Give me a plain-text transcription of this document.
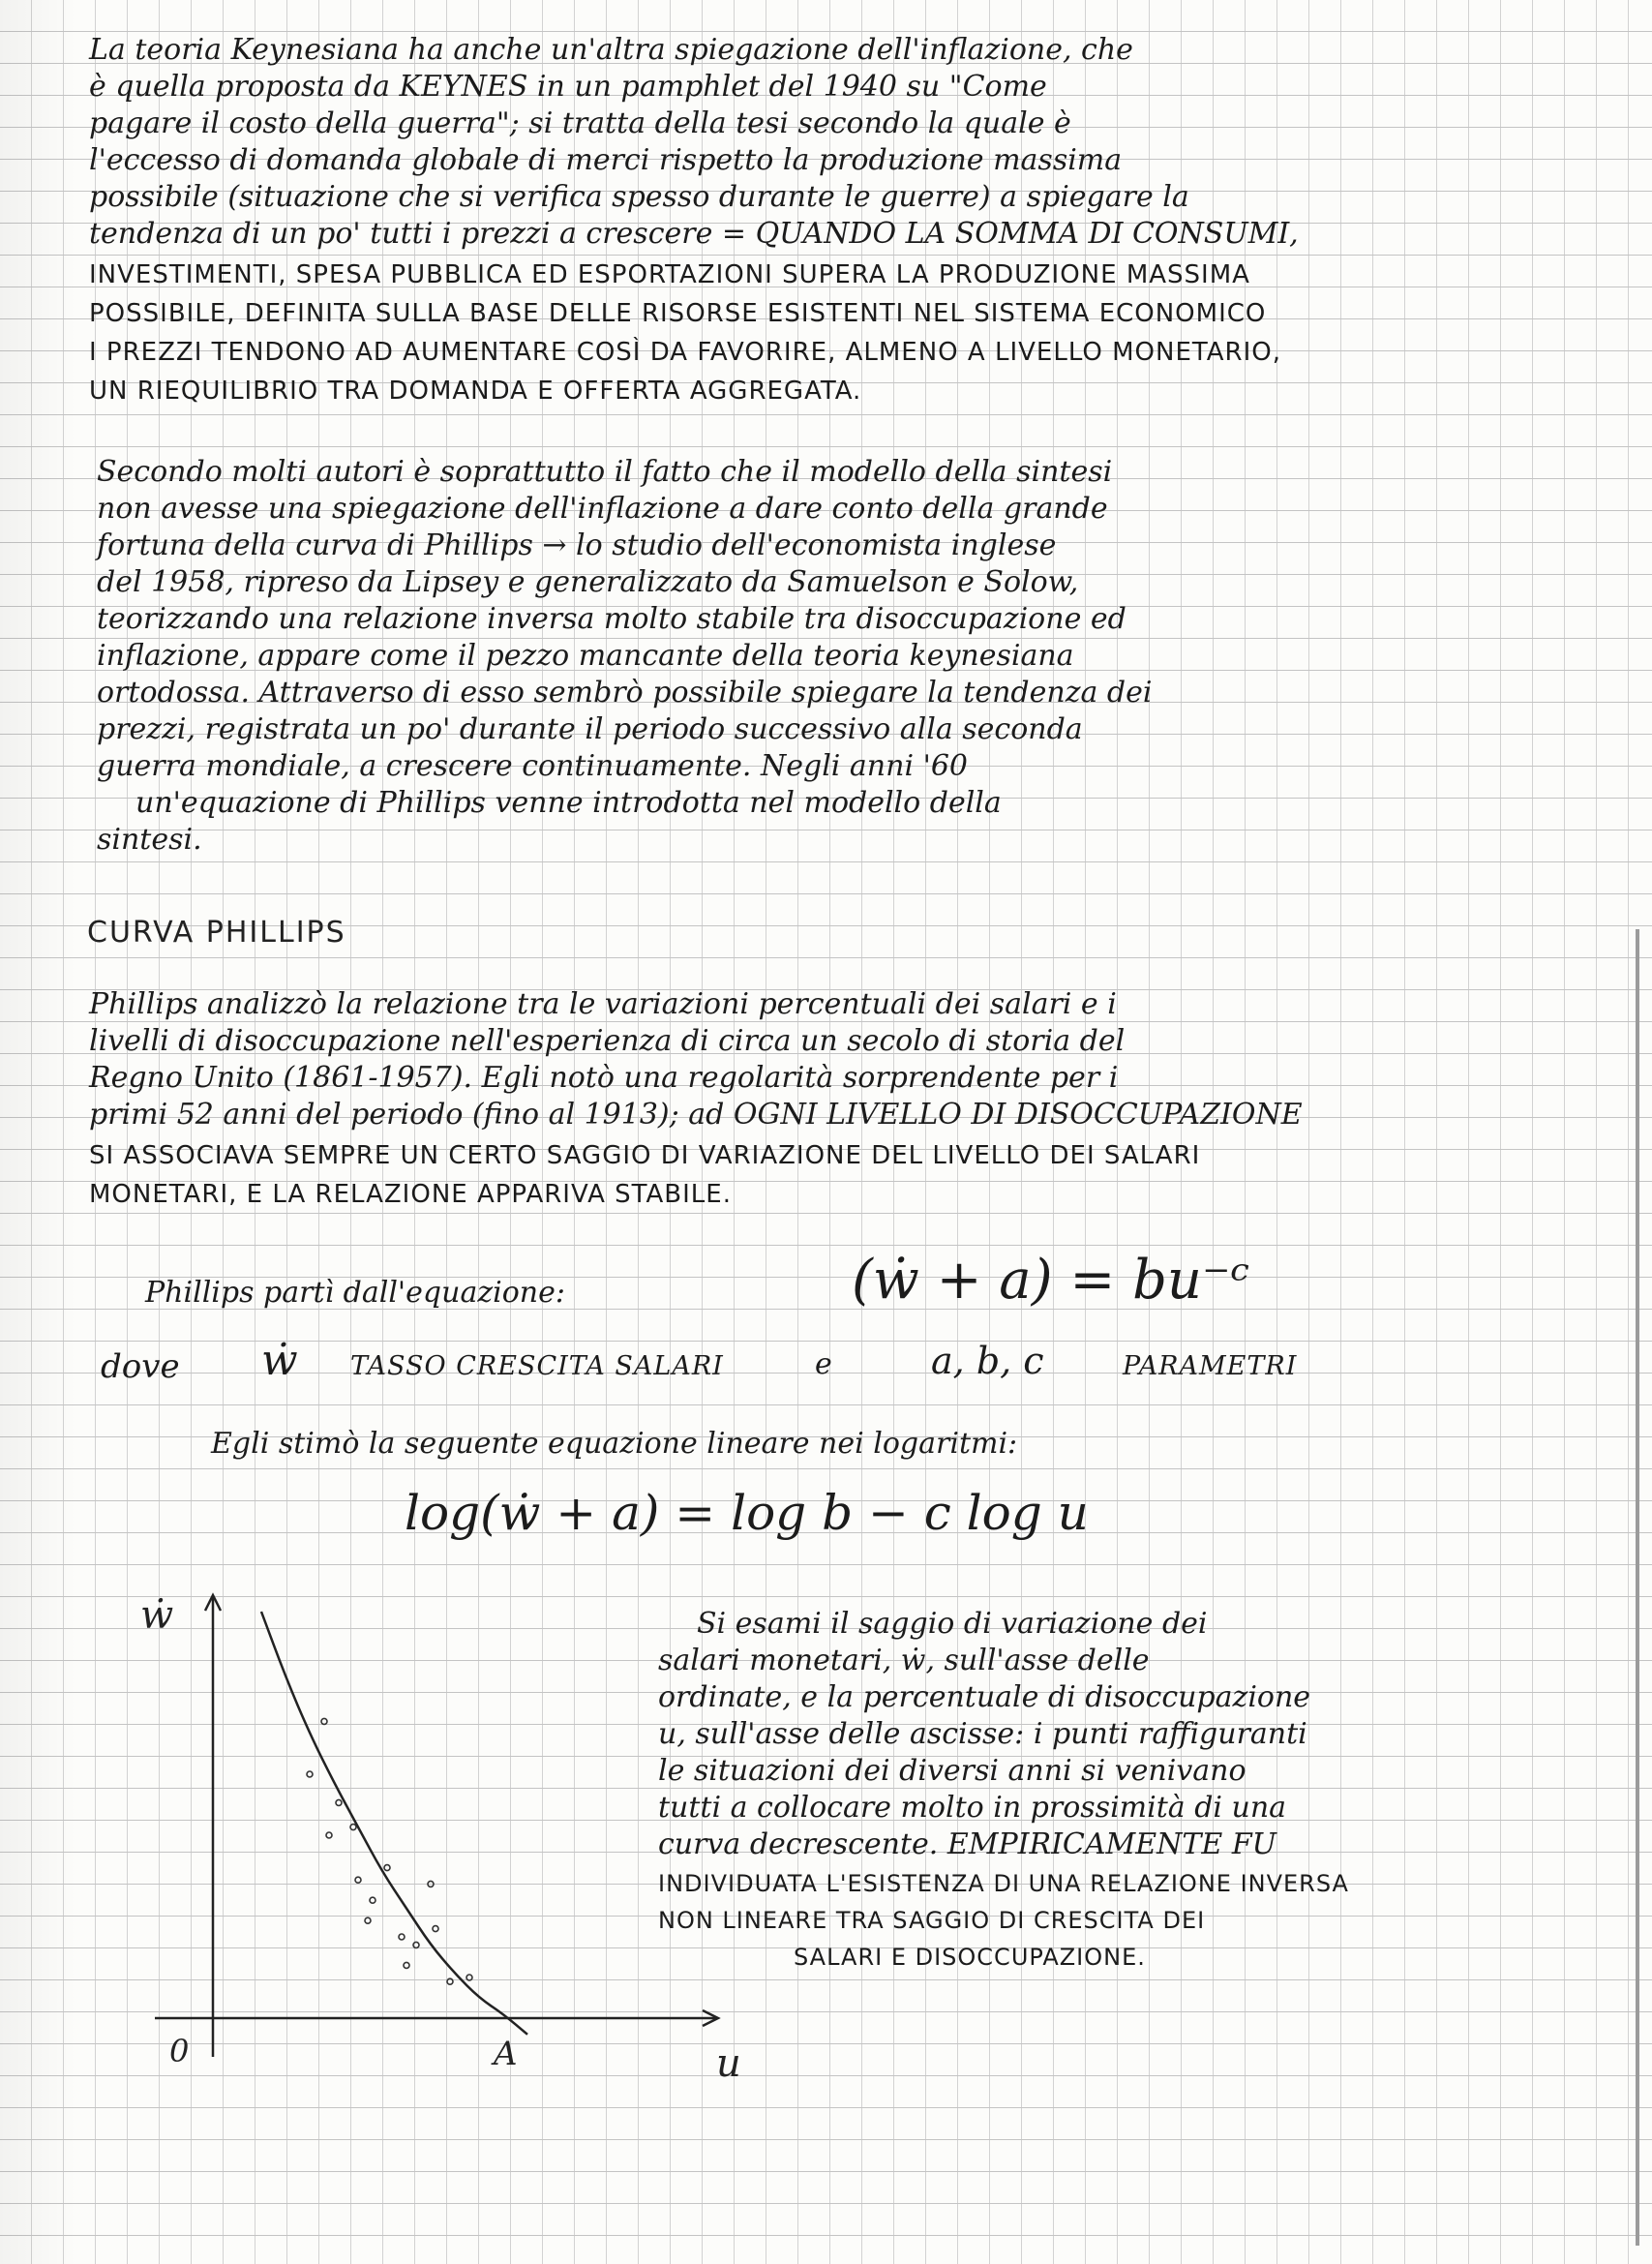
La teoria Keynesiana ha anche un'altra spiegazione dell'inflazione, che
è quella proposta da KEYNES in un pamphlet del 1940 su "Come
pagare il costo della guerra"; si tratta della tesi secondo la quale è
l'eccesso di domanda globale di merci rispetto la produzione massima
possibile (situazione che si verifica spesso durante le guerre) a spiegare la
tendenza di un po' tutti i prezzi a crescere = QUANDO LA SOMMA DI CONSUMI,
INVESTIMENTI, SPESA PUBBLICA ED ESPORTAZIONI SUPERA LA PRODUZIONE MASSIMA
POSSIBILE, DEFINITA SULLA BASE DELLE RISORSE ESISTENTI NEL SISTEMA ECONOMICO
I PREZZI TENDONO AD AUMENTARE COSÌ DA FAVORIRE, ALMENO A LIVELLO MONETARIO,
UN RIEQUILIBRIO TRA DOMANDA E OFFERTA AGGREGATA.
Secondo molti autori è soprattutto il fatto che il modello della sintesi
non avesse una spiegazione dell'inflazione a dare conto della grande
fortuna della curva di Phillips → lo studio dell'economista inglese
del 1958, ripreso da Lipsey e generalizzato da Samuelson e Solow,
teorizzando una relazione inversa molto stabile tra disoccupazione ed
inflazione, appare come il pezzo mancante della teoria keynesiana
ortodossa. Attraverso di esso sembrò possibile spiegare la tendenza dei
prezzi, registrata un po' durante il periodo successivo alla seconda
guerra mondiale, a crescere continuamente. Negli anni '60
un'equazione di Phillips venne introdotta nel modello della
sintesi.
CURVA PHILLIPS
Phillips analizzò la relazione tra le variazioni percentuali dei salari e i
livelli di disoccupazione nell'esperienza di circa un secolo di storia del
Regno Unito (1861-1957). Egli notò una regolarità sorprendente per i
primi 52 anni del periodo (fino al 1913); ad OGNI LIVELLO DI DISOCCUPAZIONE
SI ASSOCIAVA SEMPRE UN CERTO SAGGIO DI VARIAZIONE DEL LIVELLO DEI SALARI
MONETARI, E LA RELAZIONE APPARIVA STABILE.
Phillips partì dall'equazione:	(ẇ + a) = bu⁻ᶜ
dove ẇ TASSO CRESCITA SALARI	e	a, b, c	PARAMETRI
Egli stimò la seguente equazione lineare nei logaritmi:
log(ẇ + a) = log b − c log u
Si esami il saggio di variazione dei
salari monetari, ẇ, sull'asse delle
ordinate, e la percentuale di disoccupazione
u, sull'asse delle ascisse: i punti raffiguranti
le situazioni dei diversi anni si venivano
tutti a collocare molto in prossimità di una
curva decrescente. EMPIRICAMENTE FU
INDIVIDUATA L'ESISTENZA DI UNA RELAZIONE INVERSA
NON LINEARE TRA SAGGIO DI CRESCITA DEI
SALARI E DISOCCUPAZIONE.
ẇ
u
0	A
